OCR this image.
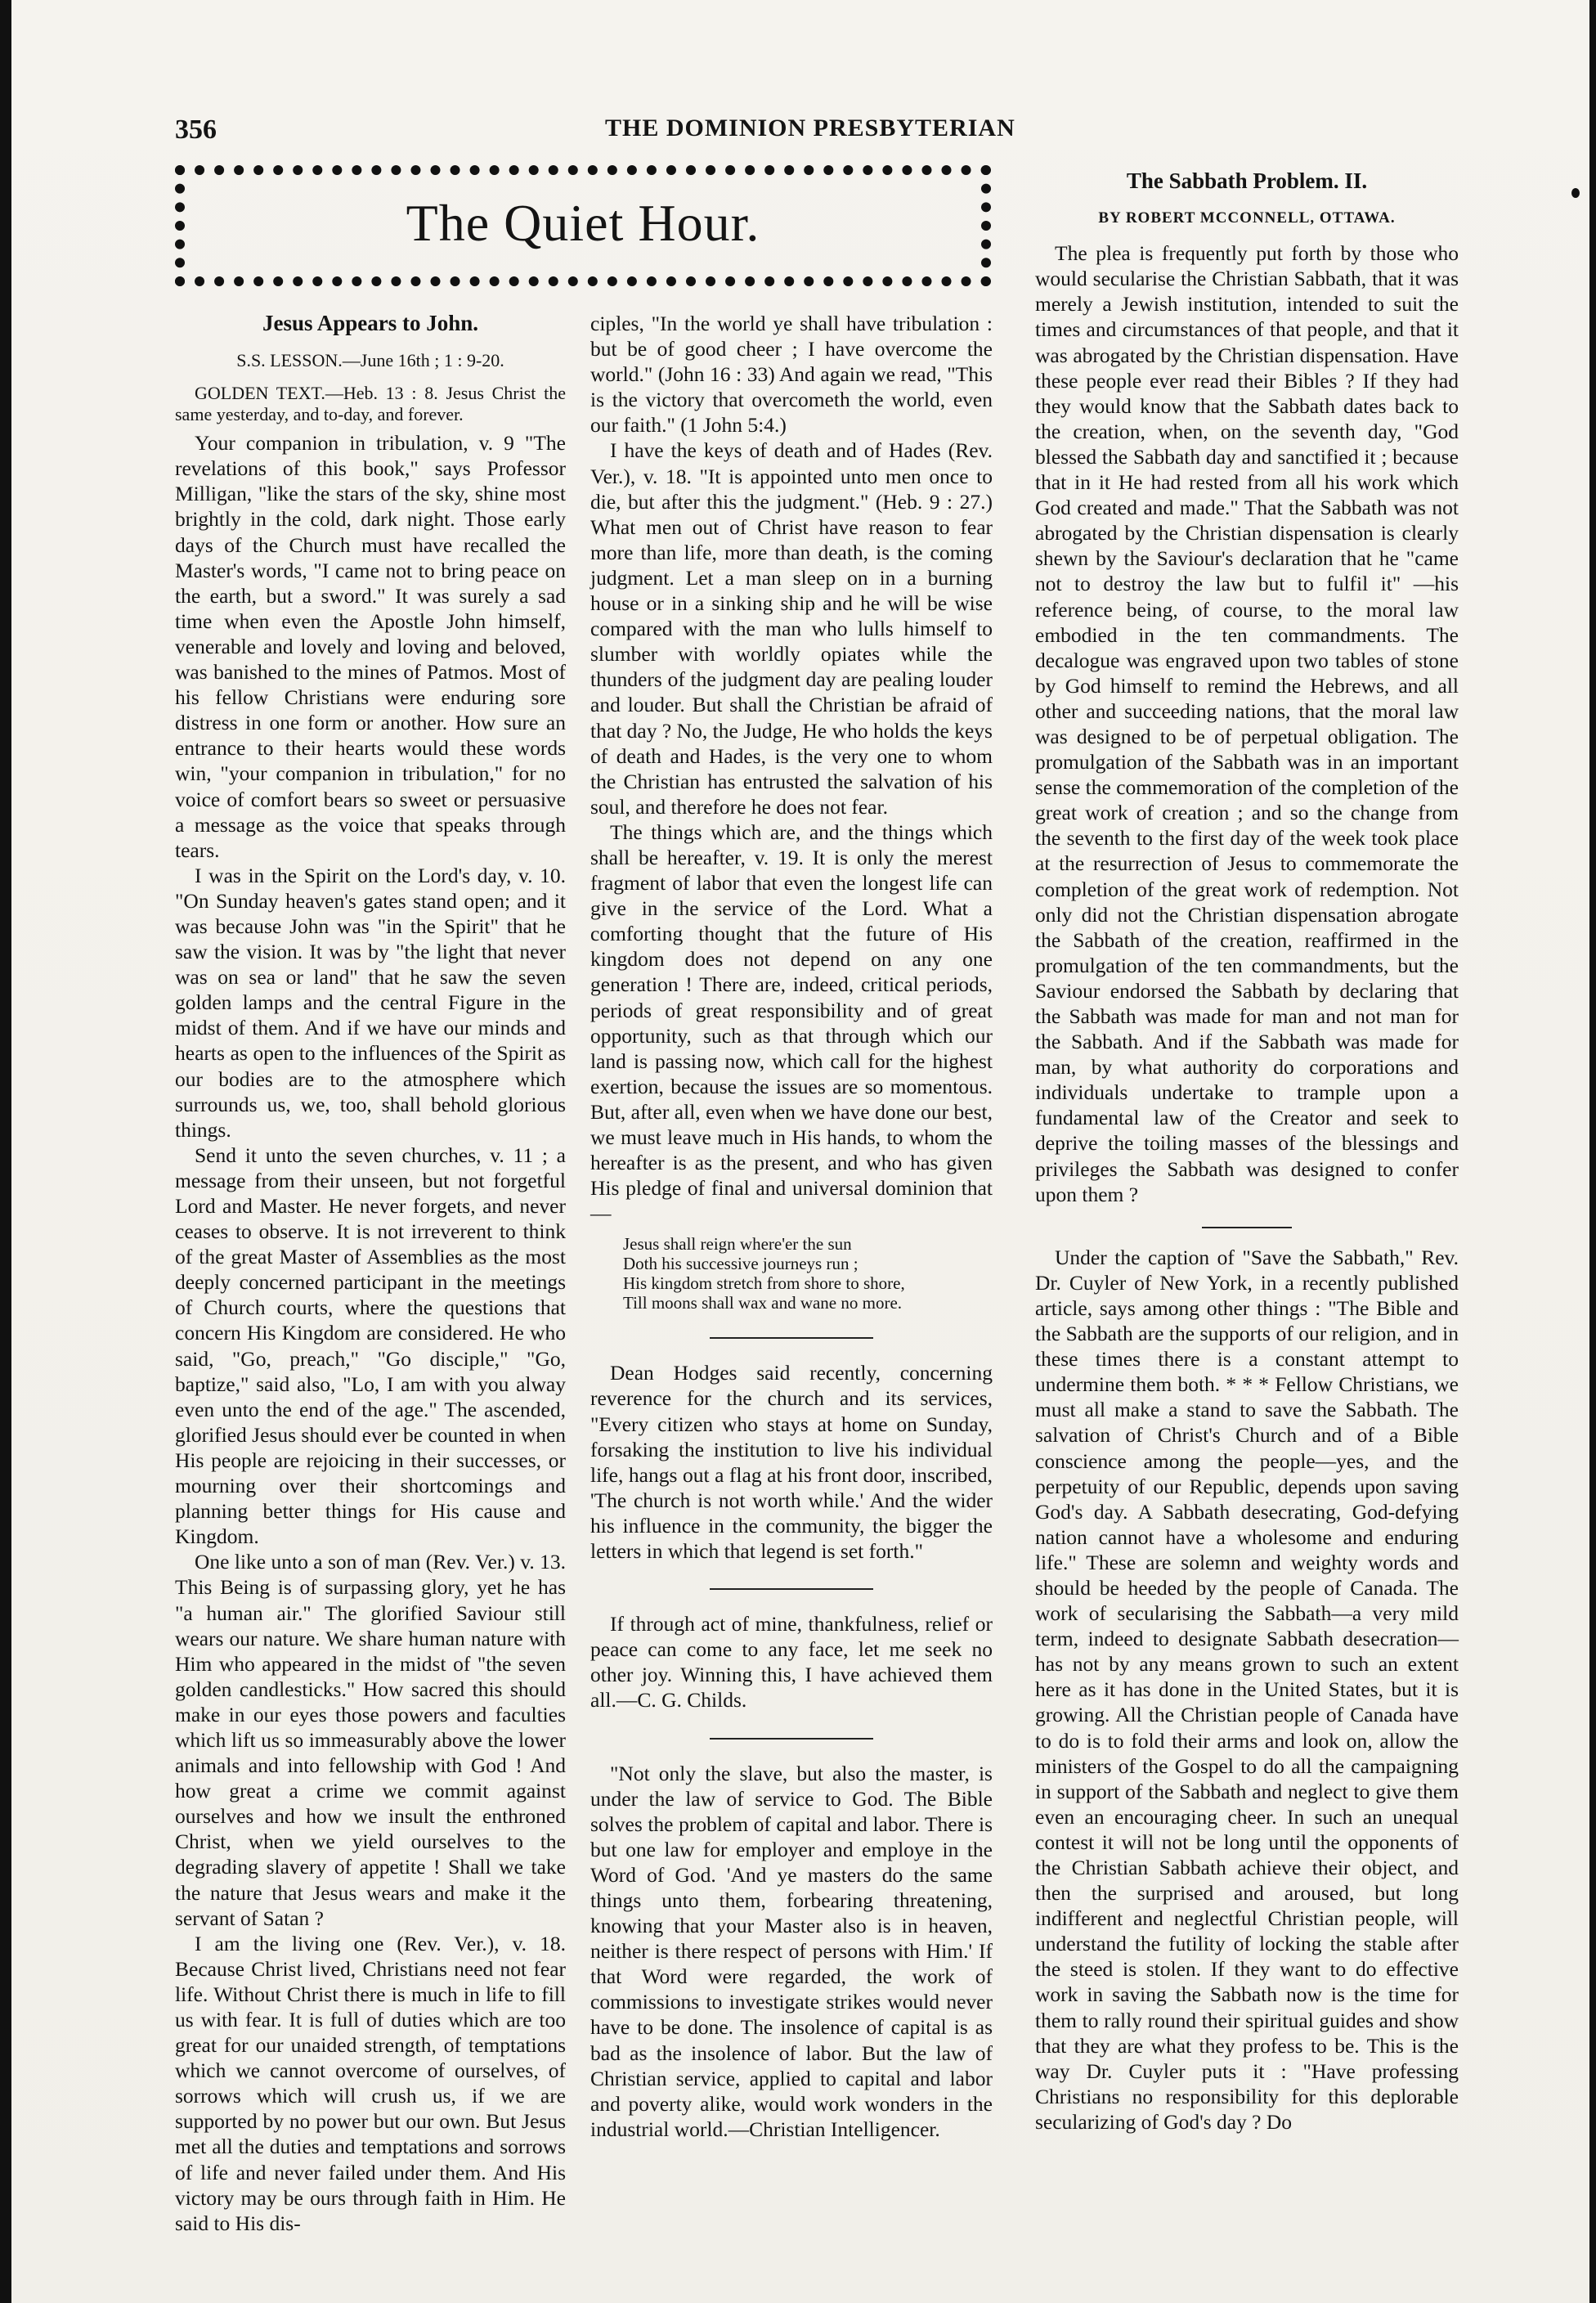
356	THE DOMINION PRESBYTERIAN
The Quiet Hour.
Jesus Appears to John.
S.S. LESSON.—June 16th ; 1 : 9-20.

GOLDEN TEXT.—Heb. 13 : 8. Jesus Christ the same yesterday, and to-day, and forever.

Your companion in tribulation, v. 9 "The revelations of this book," says Professor Milligan, "like the stars of the sky, shine most brightly in the cold, dark night. Those early days of the Church must have recalled the Master's words, "I came not to bring peace on the earth, but a sword." It was surely a sad time when even the Apostle John himself, venerable and lovely and loving and beloved, was banished to the mines of Patmos. Most of his fellow Christians were enduring sore distress in one form or another. How sure an entrance to their hearts would these words win, "your companion in tribulation," for no voice of comfort bears so sweet or persuasive a message as the voice that speaks through tears.

I was in the Spirit on the Lord's day, v. 10. "On Sunday heaven's gates stand open; and it was because John was "in the Spirit" that he saw the vision. It was by "the light that never was on sea or land" that he saw the seven golden lamps and the central Figure in the midst of them. And if we have our minds and hearts as open to the influences of the Spirit as our bodies are to the atmosphere which surrounds us, we, too, shall behold glorious things.

Send it unto the seven churches, v. 11 ; a message from their unseen, but not forgetful Lord and Master. He never forgets, and never ceases to observe. It is not irreverent to think of the great Master of Assemblies as the most deeply concerned participant in the meetings of Church courts, where the questions that concern His Kingdom are considered. He who said, "Go, preach," "Go disciple," "Go, baptize," said also, "Lo, I am with you alway even unto the end of the age." The ascended, glorified Jesus should ever be counted in when His people are rejoicing in their successes, or mourning over their shortcomings and planning better things for His cause and Kingdom.

One like unto a son of man (Rev. Ver.) v. 13. This Being is of surpassing glory, yet he has "a human air." The glorified Saviour still wears our nature. We share human nature with Him who appeared in the midst of "the seven golden candlesticks." How sacred this should make in our eyes those powers and faculties which lift us so immeasurably above the lower animals and into fellowship with God ! And how great a crime we commit against ourselves and how we insult the enthroned Christ, when we yield ourselves to the degrading slavery of appetite ! Shall we take the nature that Jesus wears and make it the servant of Satan ?

I am the living one (Rev. Ver.), v. 18. Because Christ lived, Christians need not fear life. Without Christ there is much in life to fill us with fear. It is full of duties which are too great for our unaided strength, of temptations which we cannot overcome of ourselves, of sorrows which will crush us, if we are supported by no power but our own. But Jesus met all the duties and temptations and sorrows of life and never failed under them. And His victory may be ours through faith in Him. He said to His dis-

ciples, "In the world ye shall have tribulation : but be of good cheer ; I have overcome the world." (John 16 : 33) And again we read, "This is the victory that overcometh the world, even our faith." (1 John 5:4.)

I have the keys of death and of Hades (Rev. Ver.), v. 18. "It is appointed unto men once to die, but after this the judgment." (Heb. 9 : 27.) What men out of Christ have reason to fear more than life, more than death, is the coming judgment. Let a man sleep on in a burning house or in a sinking ship and he will be wise compared with the man who lulls himself to slumber with worldly opiates while the thunders of the judgment day are pealing louder and louder. But shall the Christian be afraid of that day ? No, the Judge, He who holds the keys of death and Hades, is the very one to whom the Christian has entrusted the salvation of his soul, and therefore he does not fear.

The things which are, and the things which shall be hereafter, v. 19. It is only the merest fragment of labor that even the longest life can give in the service of the Lord. What a comforting thought that the future of His kingdom does not depend on any one generation ! There are, indeed, critical periods, periods of great responsibility and of great opportunity, such as that through which our land is passing now, which call for the highest exertion, because the issues are so momentous. But, after all, even when we have done our best, we must leave much in His hands, to whom the hereafter is as the present, and who has given His pledge of final and universal dominion that—

Jesus shall reign where'er the sun
Doth his successive journeys run ;
His kingdom stretch from shore to shore,
Till moons shall wax and wane no more.

Dean Hodges said recently, concerning reverence for the church and its services, "Every citizen who stays at home on Sunday, forsaking the institution to live his individual life, hangs out a flag at his front door, inscribed, 'The church is not worth while.' And the wider his influence in the community, the bigger the letters in which that legend is set forth."

If through act of mine, thankfulness, relief or peace can come to any face, let me seek no other joy. Winning this, I have achieved them all.—C. G. Childs.

"Not only the slave, but also the master, is under the law of service to God. The Bible solves the problem of capital and labor. There is but one law for employer and employe in the Word of God. 'And ye masters do the same things unto them, forbearing threatening, knowing that your Master also is in heaven, neither is there respect of persons with Him.' If that Word were regarded, the work of commissions to investigate strikes would never have to be done. The insolence of capital is as bad as the insolence of labor. But the law of Christian service, applied to capital and labor and poverty alike, would work wonders in the industrial world.—Christian Intelligencer.

The Sabbath Problem. II.
BY ROBERT MCCONNELL, OTTAWA.

The plea is frequently put forth by those who would secularise the Christian Sabbath, that it was merely a Jewish institution, intended to suit the times and circumstances of that people, and that it was abrogated by the Christian dispensation. Have these people ever read their Bibles ? If they had they would know that the Sabbath dates back to the creation, when, on the seventh day, "God blessed the Sabbath day and sanctified it ; because that in it He had rested from all his work which God created and made." That the Sabbath was not abrogated by the Christian dispensation is clearly shewn by the Saviour's declaration that he "came not to destroy the law but to fulfil it" —his reference being, of course, to the moral law embodied in the ten commandments. The decalogue was engraved upon two tables of stone by God himself to remind the Hebrews, and all other and succeeding nations, that the moral law was designed to be of perpetual obligation. The promulgation of the Sabbath was in an important sense the commemoration of the completion of the great work of creation ; and so the change from the seventh to the first day of the week took place at the resurrection of Jesus to commemorate the completion of the great work of redemption. Not only did not the Christian dispensation abrogate the Sabbath of the creation, reaffirmed in the promulgation of the ten commandments, but the Saviour endorsed the Sabbath by declaring that the Sabbath was made for man and not man for the Sabbath. And if the Sabbath was made for man, by what authority do corporations and individuals undertake to trample upon a fundamental law of the Creator and seek to deprive the toiling masses of the blessings and privileges the Sabbath was designed to confer upon them ?

Under the caption of "Save the Sabbath," Rev. Dr. Cuyler of New York, in a recently published article, says among other things : "The Bible and the Sabbath are the supports of our religion, and in these times there is a constant attempt to undermine them both. * * * Fellow Christians, we must all make a stand to save the Sabbath. The salvation of Christ's Church and of a Bible conscience among the people—yes, and the perpetuity of our Republic, depends upon saving God's day. A Sabbath desecrating, God-defying nation cannot have a wholesome and enduring life." These are solemn and weighty words and should be heeded by the people of Canada. The work of secularising the Sabbath—a very mild term, indeed to designate Sabbath desecration—has not by any means grown to such an extent here as it has done in the United States, but it is growing. All the Christian people of Canada have to do is to fold their arms and look on, allow the ministers of the Gospel to do all the campaigning in support of the Sabbath and neglect to give them even an encouraging cheer. In such an unequal contest it will not be long until the opponents of the Christian Sabbath achieve their object, and then the surprised and aroused, but long indifferent and neglectful Christian people, will understand the futility of locking the stable after the steed is stolen. If they want to do effective work in saving the Sabbath now is the time for them to rally round their spiritual guides and show that they are what they profess to be. This is the way Dr. Cuyler puts it : "Have professing Christians no responsibility for this deplorable secularizing of God's day ? Do
